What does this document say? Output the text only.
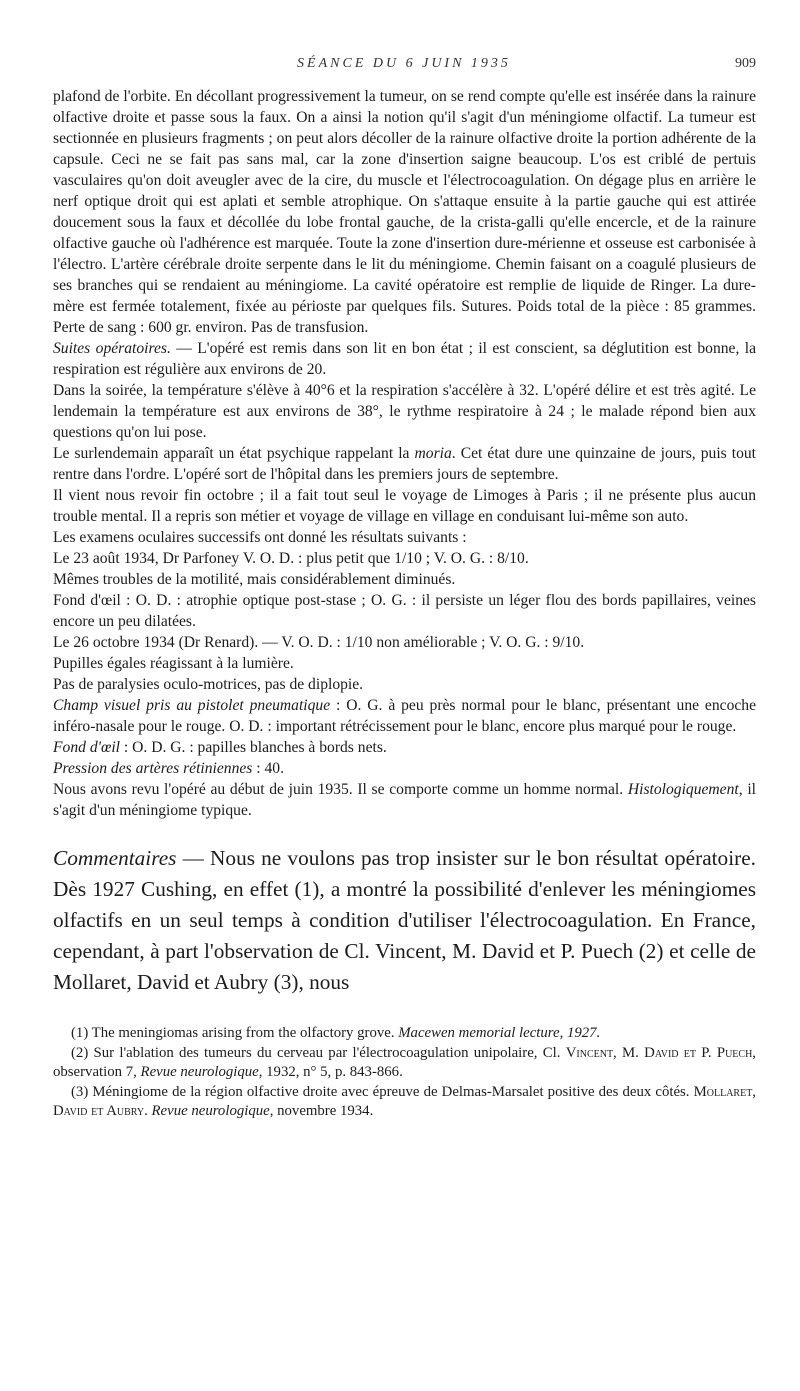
SÉANCE DU 6 JUIN 1935	909

plafond de l'orbite. En décollant progressivement la tumeur, on se rend compte qu'elle est insérée dans la rainure olfactive droite et passe sous la faux. On a ainsi la notion qu'il s'agit d'un méningiome olfactif. La tumeur est sectionnée en plusieurs fragments ; on peut alors décoller de la rainure olfactive droite la portion adhérente de la capsule. Ceci ne se fait pas sans mal, car la zone d'insertion saigne beaucoup. L'os est criblé de pertuis vasculaires qu'on doit aveugler avec de la cire, du muscle et l'électrocoagulation. On dégage plus en arrière le nerf optique droit qui est aplati et semble atrophique. On s'attaque ensuite à la partie gauche qui est attirée doucement sous la faux et décollée du lobe frontal gauche, de la crista-galli qu'elle encercle, et de la rainure olfactive gauche où l'adhérence est marquée. Toute la zone d'insertion dure-mérienne et osseuse est carbonisée à l'électro. L'artère cérébrale droite serpente dans le lit du méningiome. Chemin faisant on a coagulé plusieurs de ses branches qui se rendaient au méningiome. La cavité opératoire est remplie de liquide de Ringer. La dure-mère est fermée totalement, fixée au périoste par quelques fils. Sutures. Poids total de la pièce : 85 grammes. Perte de sang : 600 gr. environ. Pas de transfusion.

Suites opératoires. — L'opéré est remis dans son lit en bon état ; il est conscient, sa déglutition est bonne, la respiration est régulière aux environs de 20.

Dans la soirée, la température s'élève à 40°6 et la respiration s'accélère à 32. L'opéré délire et est très agité. Le lendemain la température est aux environs de 38°, le rythme respiratoire à 24 ; le malade répond bien aux questions qu'on lui pose.

Le surlendemain apparaît un état psychique rappelant la moria. Cet état dure une quinzaine de jours, puis tout rentre dans l'ordre. L'opéré sort de l'hôpital dans les premiers jours de septembre.

Il vient nous revoir fin octobre ; il a fait tout seul le voyage de Limoges à Paris ; il ne présente plus aucun trouble mental. Il a repris son métier et voyage de village en village en conduisant lui-même son auto.

Les examens oculaires successifs ont donné les résultats suivants :

Le 23 août 1934, Dr Parfoney V. O. D. : plus petit que 1/10 ; V. O. G. : 8/10.

Mêmes troubles de la motilité, mais considérablement diminués.

Fond d'œil : O. D. : atrophie optique post-stase ; O. G. : il persiste un léger flou des bords papillaires, veines encore un peu dilatées.

Le 26 octobre 1934 (Dr Renard). — V. O. D. : 1/10 non améliorable ; V. O. G. : 9/10.

Pupilles égales réagissant à la lumière.

Pas de paralysies oculo-motrices, pas de diplopie.

Champ visuel pris au pistolet pneumatique : O. G. à peu près normal pour le blanc, présentant une encoche inféro-nasale pour le rouge. O. D. : important rétrécissement pour le blanc, encore plus marqué pour le rouge.

Fond d'œil : O. D. G. : papilles blanches à bords nets.

Pression des artères rétiniennes : 40.

Nous avons revu l'opéré au début de juin 1935. Il se comporte comme un homme normal. Histologiquement, il s'agit d'un méningiome typique.

Commentaires — Nous ne voulons pas trop insister sur le bon résultat opératoire. Dès 1927 Cushing, en effet (1), a montré la possibilité d'enlever les méningiomes olfactifs en un seul temps à condition d'utiliser l'électrocoagulation. En France, cependant, à part l'observation de Cl. Vincent, M. David et P. Puech (2) et celle de Mollaret, David et Aubry (3), nous

(1) The meningiomas arising from the olfactory grove. Macewen memorial lecture, 1927.

(2) Sur l'ablation des tumeurs du cerveau par l'électrocoagulation unipolaire, Cl. Vincent, M. David et P. Puech, observation 7, Revue neurologique, 1932, n° 5, p. 843-866.

(3) Méningiome de la région olfactive droite avec épreuve de Delmas-Marsalet positive des deux côtés. Mollaret, David et Aubry. Revue neurologique, novembre 1934.
